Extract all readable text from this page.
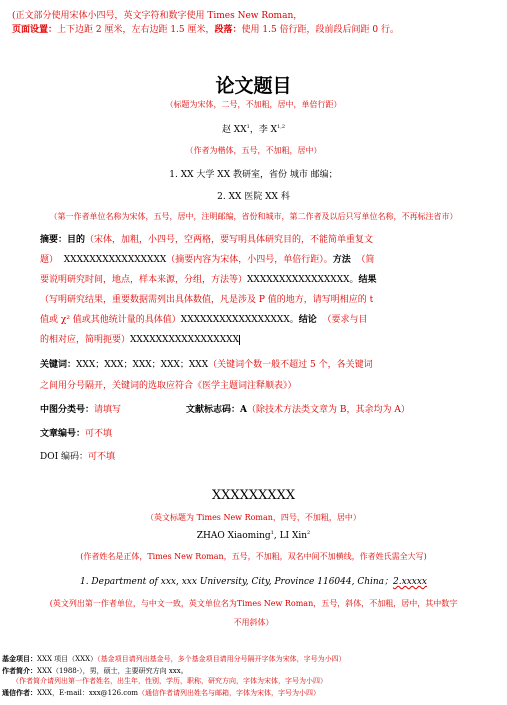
(正文部分使用宋体小四号，英文字符和数字使用 Times New Roman，
页面设置：上下边距 2 厘米，左右边距 1.5 厘米，段落：使用 1.5 倍行距，段前段后间距 0 行。
论文题目
（标题为宋体，二号，不加粗，居中，单倍行距）
赵 $XX^1$，李 X$^{1,2}$
（作者为楷体，五号，不加粗，居中）
1. XX 大学 XX 教研室，省份 城市 邮编；
2. XX 医院 XX 科
（第一作者单位名称为宋体，五号，居中，注明邮编，省份和城市，第二作者及以后只写单位名称，不再标注省市）
摘要：目的（宋体，加粗，小四号，空两格，要写明具体研究目的，不能简单重复文
题） XXXXXXXXXXXXXXXX（摘要内容为宋体，小四号，单倍行距）。方法 （简
要说明研究时间，地点，样本来源，分组，方法等）XXXXXXXXXXXXXXXX。结果
（写明研究结果，重要数据需列出具体数值，凡是涉及 P 值的地方，请写明相应的 t
值或 χ² 值或其他统计量的具体值）XXXXXXXXXXXXXXXXX。结论 （要求与目
的相对应，简明扼要）XXXXXXXXXXXXXXXXX
关键词：XXX；XXX；XXX；XXX；XXX（关键词个数一般不超过 5 个，各关键词
之间用分号隔开，关键词的选取应符合《医学主题词注释顺表》）
中图分类号：请填写	文献标志码：A（除技术方法类文章为 B，其余均为 A）
文章编号：可不填
DOI 编码：可不填
XXXXXXXXX
（英文标题为 Times New Roman，四号，不加粗，居中）
ZHAO Xiaoming$^1$, LI Xin$^2$
(作者姓名是正体，Times New Roman，五号，不加粗，双名中间不加横线，作者姓氏需全大写)
1. Department of xxx, xxx University, City, Province 116044, China；2.xxxxx
(英文列出第一作者单位，与中文一致，英文单位名为Times New Roman，五号，斜体，不加粗，居中，其中数字
不用斜体）
基金项目：XXX 项目（XXX）（基金项目请列出基金号，多个基金项目请用分号隔开字体为宋体，字号为小四）
作者简介：XXX（1988-），男，硕士，主要研究方向 xxx。
（作者简介请列出第一作者姓名，出生年，性别，学历，职称，研究方向，字体为宋体，字号为小四）
通信作者：XXX，E-mail：xxx@126.com（通信作者请列出姓名与邮箱，字体为宋体，字号为小四）
